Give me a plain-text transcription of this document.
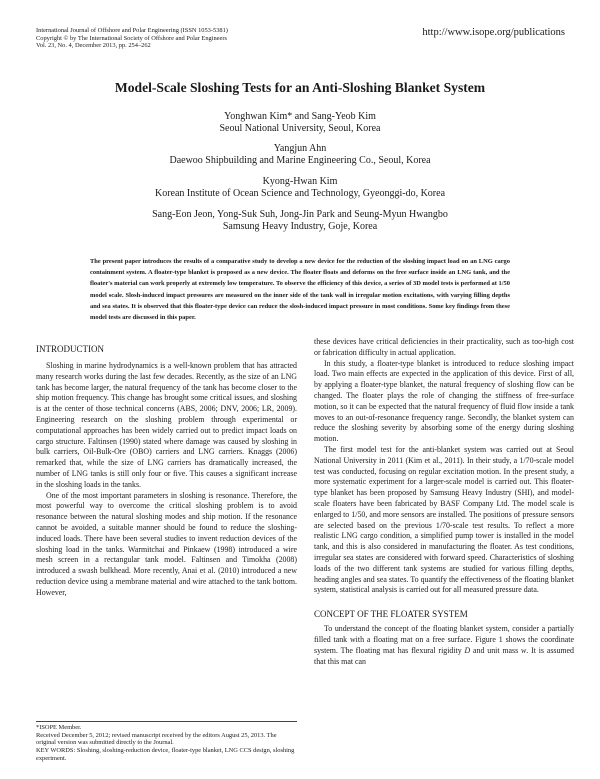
International Journal of Offshore and Polar Engineering (ISSN 1053-5381)
Copyright © by The International Society of Offshore and Polar Engineers
Vol. 23, No. 4, December 2013, pp. 254–262
http://www.isope.org/publications
Model-Scale Sloshing Tests for an Anti-Sloshing Blanket System
Yonghwan Kim* and Sang-Yeob Kim
Seoul National University, Seoul, Korea
Yangjun Ahn
Daewoo Shipbuilding and Marine Engineering Co., Seoul, Korea
Kyong-Hwan Kim
Korean Institute of Ocean Science and Technology, Gyeonggi-do, Korea
Sang-Eon Jeon, Yong-Suk Suh, Jong-Jin Park and Seung-Myun Hwangbo
Samsung Heavy Industry, Goje, Korea
The present paper introduces the results of a comparative study to develop a new device for the reduction of the sloshing impact load on an LNG cargo containment system. A floater-type blanket is proposed as a new device. The floater floats and deforms on the free surface inside an LNG tank, and the floater's material can work properly at extremely low temperature. To observe the efficiency of this device, a series of 3D model tests is performed at 1/50 model scale. Slosh-induced impact pressures are measured on the inner side of the tank wall in irregular motion excitations, with varying filling depths and sea states. It is observed that this floater-type device can reduce the slosh-induced impact pressure in most conditions. Some key findings from these model tests are discussed in this paper.

INTRODUCTION

Sloshing in marine hydrodynamics is a well-known problem that has attracted many research works during the last few decades. Recently, as the size of an LNG tank has become larger, the natural frequency of the tank has become closer to the ship motion frequency. This change has brought some critical issues, and sloshing is at the center of those technical concerns (ABS, 2006; DNV, 2006; LR, 2009). Engineering research on the sloshing problem through experimental or computational approaches has been widely carried out to predict impact loads on cargo structure. Faltinsen (1990) stated where damage was caused by sloshing in bulk carriers, Oil-Bulk-Ore (OBO) carriers and LNG carriers. Knaggs (2006) remarked that, while the size of LNG carriers has dramatically increased, the number of LNG tanks is still only four or five. This causes a significant increase in the sloshing loads in the tanks.

One of the most important parameters in sloshing is resonance. Therefore, the most powerful way to overcome the critical sloshing problem is to avoid resonance between the natural sloshing modes and ship motion. If the resonance cannot be avoided, a suitable manner should be found to reduce the sloshing-induced loads. There have been several studies to invent reduction devices of the sloshing load in the tanks. Warmitchai and Pinkaew (1998) introduced a wire mesh screen in a rectangular tank model. Faltinsen and Timokha (2008) introduced a swash bulkhead. More recently, Anai et al. (2010) introduced a new reduction device using a membrane material and wire attached to the tank bottom. However,

*ISOPE Member.
Received December 5, 2012; revised manuscript received by the editors August 25, 2013. The original version was submitted directly to the Journal.
KEY WORDS: Sloshing, sloshing-reduction device, floater-type blanket, LNG CCS design, sloshing experiment.

these devices have critical deficiencies in their practicality, such as too-high cost or fabrication difficulty in actual application.

In this study, a floater-type blanket is introduced to reduce sloshing impact load. Two main effects are expected in the application of this device. First of all, by applying a floater-type blanket, the natural frequency of sloshing flow can be changed. The floater plays the role of changing the stiffness of free-surface motion, so it can be expected that the natural frequency of fluid flow inside a tank moves to an out-of-resonance frequency range. Secondly, the blanket system can reduce the sloshing severity by absorbing some of the energy during sloshing motion.

The first model test for the anti-blanket system was carried out at Seoul National University in 2011 (Kim et al., 2011). In their study, a 1/70-scale model test was conducted, focusing on regular excitation motion. In the present study, a more systematic experiment for a larger-scale model is carried out. This floater-type blanket has been proposed by Samsung Heavy Industry (SHI), and model-scale floaters have been fabricated by BASF Company Ltd. The model scale is enlarged to 1/50, and more sensors are installed. The positions of pressure sensors are selected based on the previous 1/70-scale test results. To reflect a more realistic LNG cargo condition, a simplified pump tower is installed in the model tank, and this is also considered in manufacturing the floater. As test conditions, irregular sea states are considered with forward speed. Characteristics of sloshing loads of the two different tank systems are studied for various filling depths, heading angles and sea states. To quantify the effectiveness of the floating blanket system, statistical analysis is carried out for all measured pressure data.

CONCEPT OF THE FLOATER SYSTEM

To understand the concept of the floating blanket system, consider a partially filled tank with a floating mat on a free surface. Figure 1 shows the coordinate system. The floating mat has flexural rigidity D and unit mass w. It is assumed that this mat can
